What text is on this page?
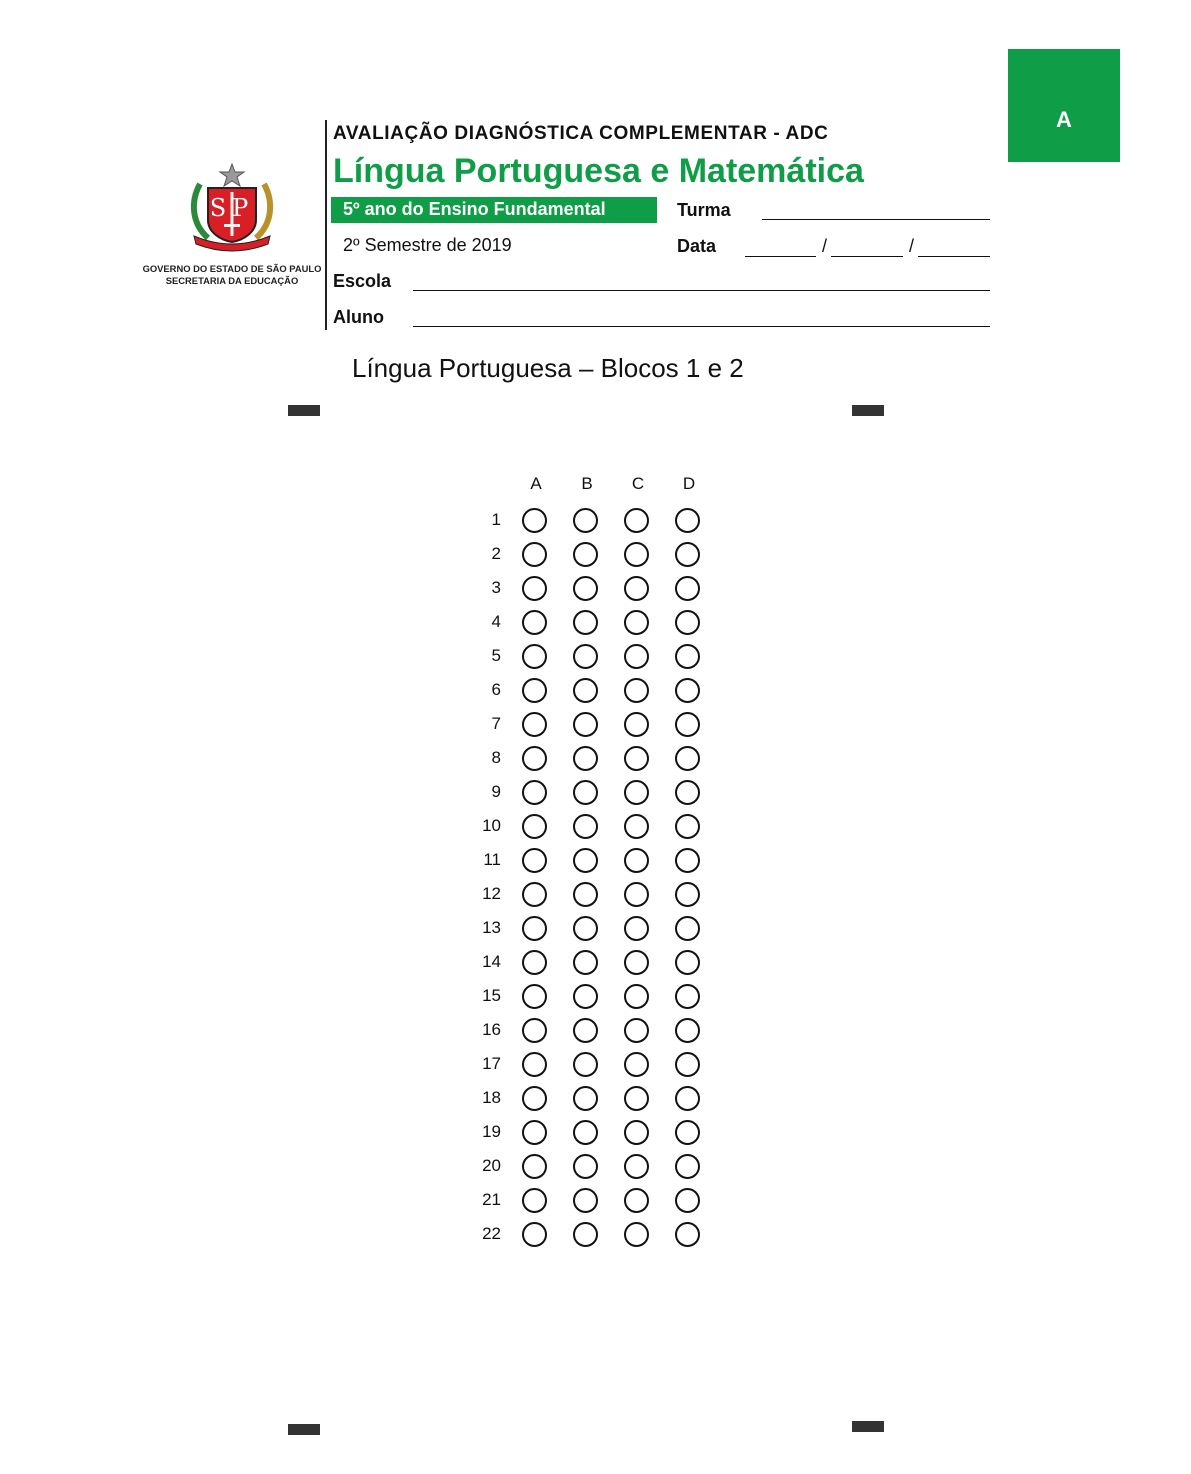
A
SP
GOVERNO DO ESTADO DE SÃO PAULO
SECRETARIA DA EDUCAÇÃO
AVALIAÇÃO DIAGNÓSTICA COMPLEMENTAR - ADC
Língua Portuguesa e Matemática
5º ano do Ensino Fundamental
2º Semestre de 2019
Turma
Data	/	/
Escola
Aluno
Língua Portuguesa – Blocos 1 e 2
A B C D
1
2
3
4
5
6
7
8
9
10
11
12
13
14
15
16
17
18
19
20
21
22
